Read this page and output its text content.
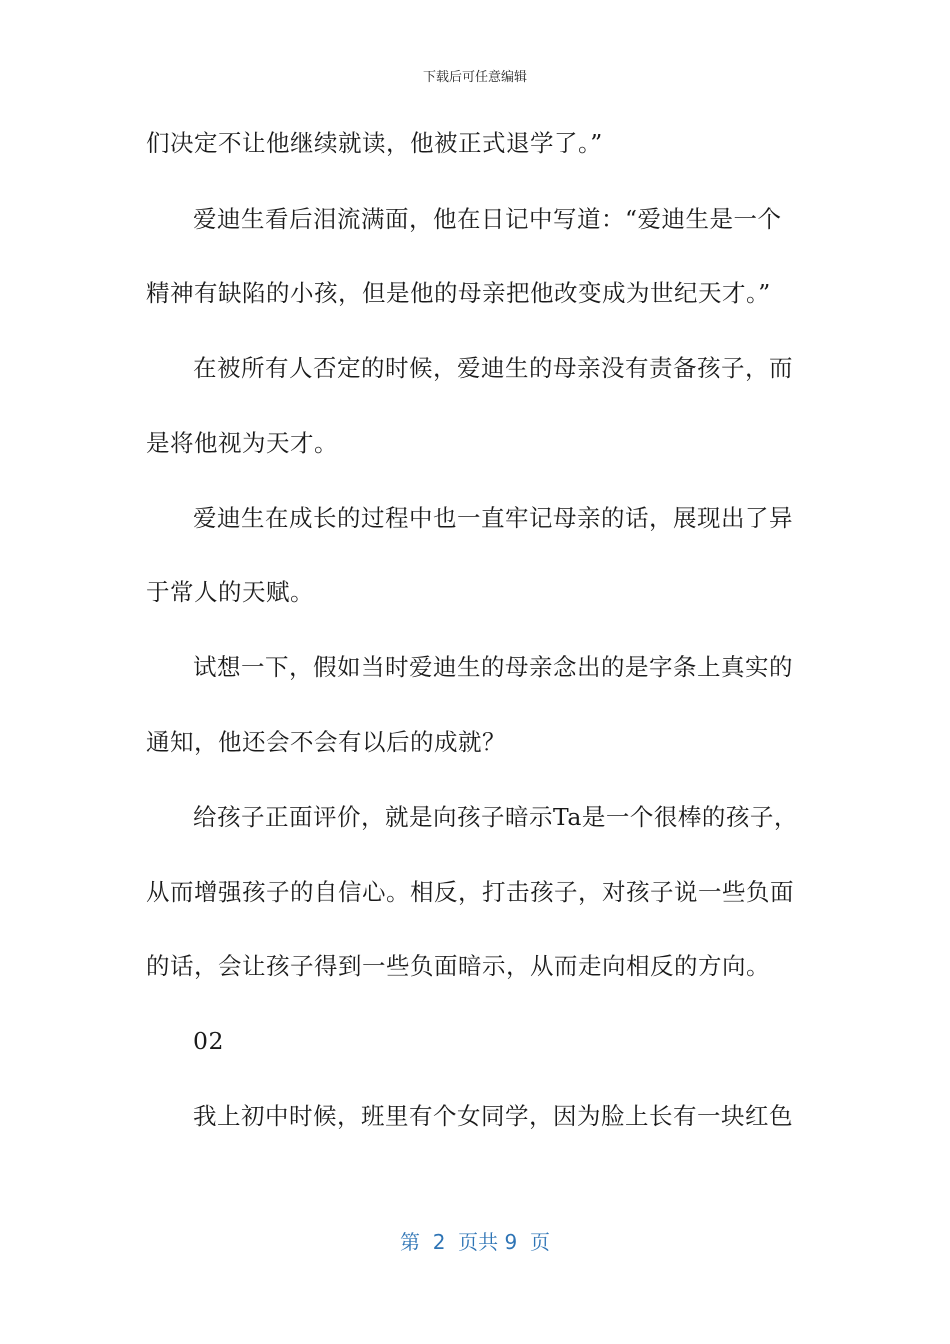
下载后可任意编辑
们决定不让他继续就读，他被正式退学了。”
爱迪生看后泪流满面，他在日记中写道：“爱迪生是一个
精神有缺陷的小孩，但是他的母亲把他改变成为世纪天才。”
在被所有人否定的时候，爱迪生的母亲没有责备孩子，而
是将他视为天才。
爱迪生在成长的过程中也一直牢记母亲的话，展现出了异
于常人的天赋。
试想一下，假如当时爱迪生的母亲念出的是字条上真实的
通知，他还会不会有以后的成就？
给孩子正面评价，就是向孩子暗示Ta是一个很棒的孩子，
从而增强孩子的自信心。相反，打击孩子，对孩子说一些负面
的话，会让孩子得到一些负面暗示，从而走向相反的方向。
02
我上初中时候，班里有个女同学，因为脸上长有一块红色
第  2  页共 9  页
